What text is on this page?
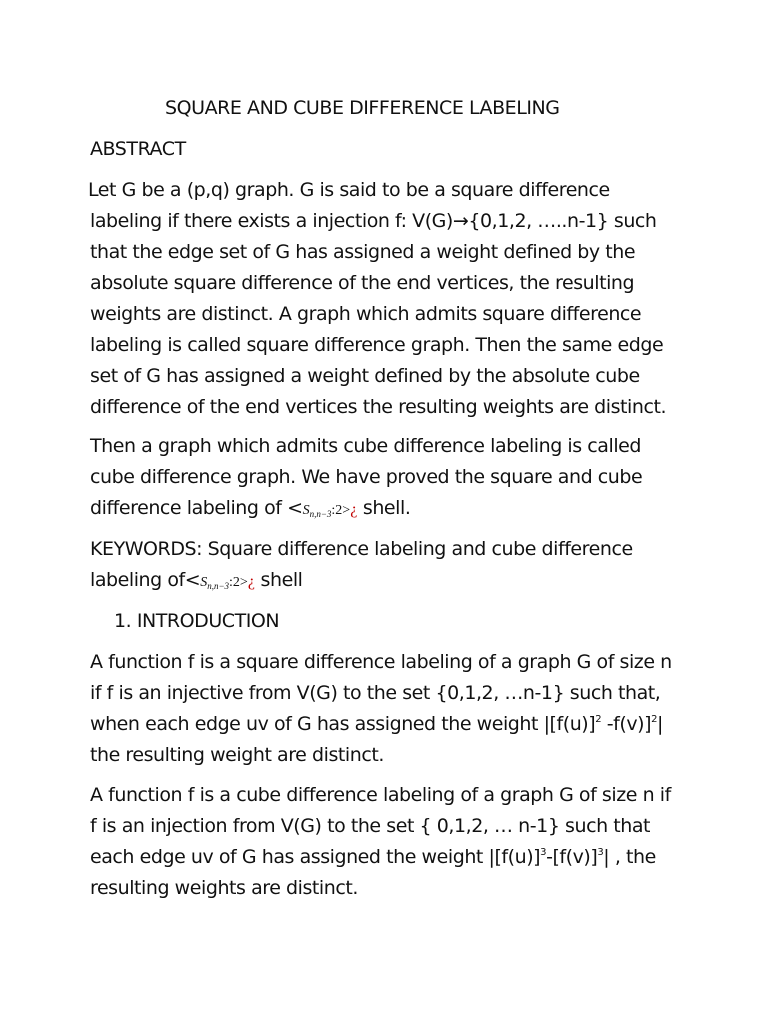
SQUARE AND CUBE DIFFERENCE LABELING
ABSTRACT
Let G be a (p,q) graph. G is said to be a square difference
labeling if there exists a injection f: V(G)→{0,1,2, …..n-1} such
that the edge set of G has assigned a weight defined by the
absolute square difference of the end vertices, the resulting
weights are distinct. A graph which admits square difference
labeling is called square difference graph. Then the same edge
set of G has assigned a weight defined by the absolute cube
difference of the end vertices the resulting weights are distinct.
Then a graph which admits cube difference labeling is called
cube difference graph. We have proved the square and cube
difference labeling of $<S_{n,n-3}:2>¿$ shell.
KEYWORDS: Square difference labeling and cube difference
labeling $of<S_{n,n-3}:2>¿$ shell
1. INTRODUCTION
A function f is a square difference labeling of a graph G of size n
if f is an injective from V(G) to the set {0,1,2, …n-1} such that,
when each edge uv of G has assigned the weight $|[f(u)]^2$ -f(v)]$^2$|
the resulting weight are distinct.
A function f is a cube difference labeling of a graph G of size n if
f is an injection from V(G) to the set { 0,1,2, … n-1} such that
each edge uv of G has assigned the weight $|[f(u)]^3-[f(v)]^3|$ , the
resulting weights are distinct.
